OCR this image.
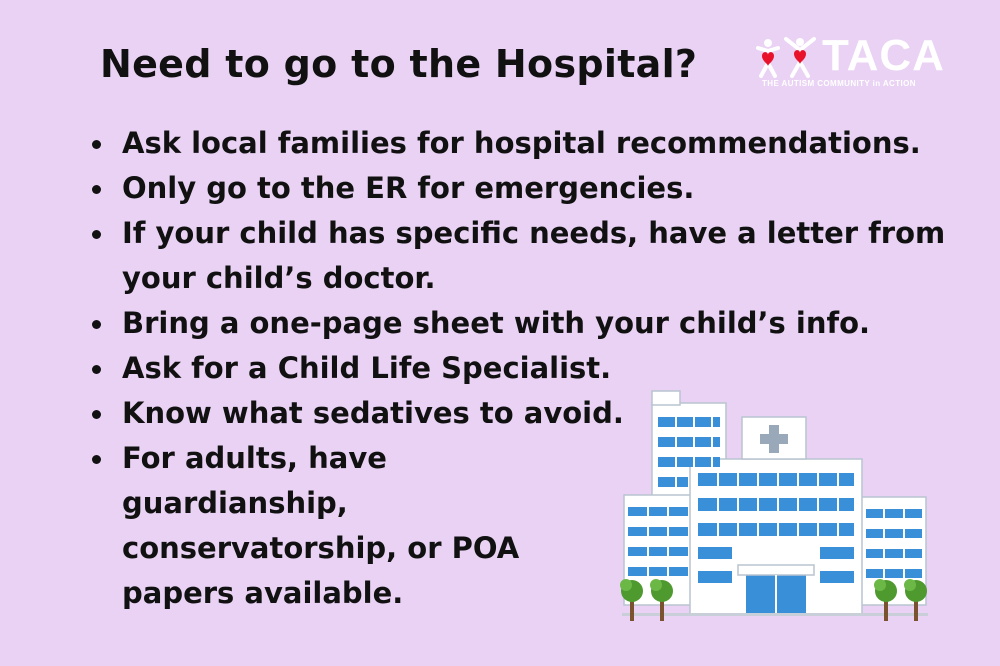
Need to go to the Hospital?	TACA
THE AUTISM COMMUNITY in ACTION
Ask local families for hospital recommendations.
Only go to the ER for emergencies.
If your child has specific needs, have a letter from
your child’s doctor.
Bring a one-page sheet with your child’s info.
Ask for a Child Life Specialist.
Know what sedatives to avoid.
For adults, have guardianship,
conservatorship, or POA
papers available.
